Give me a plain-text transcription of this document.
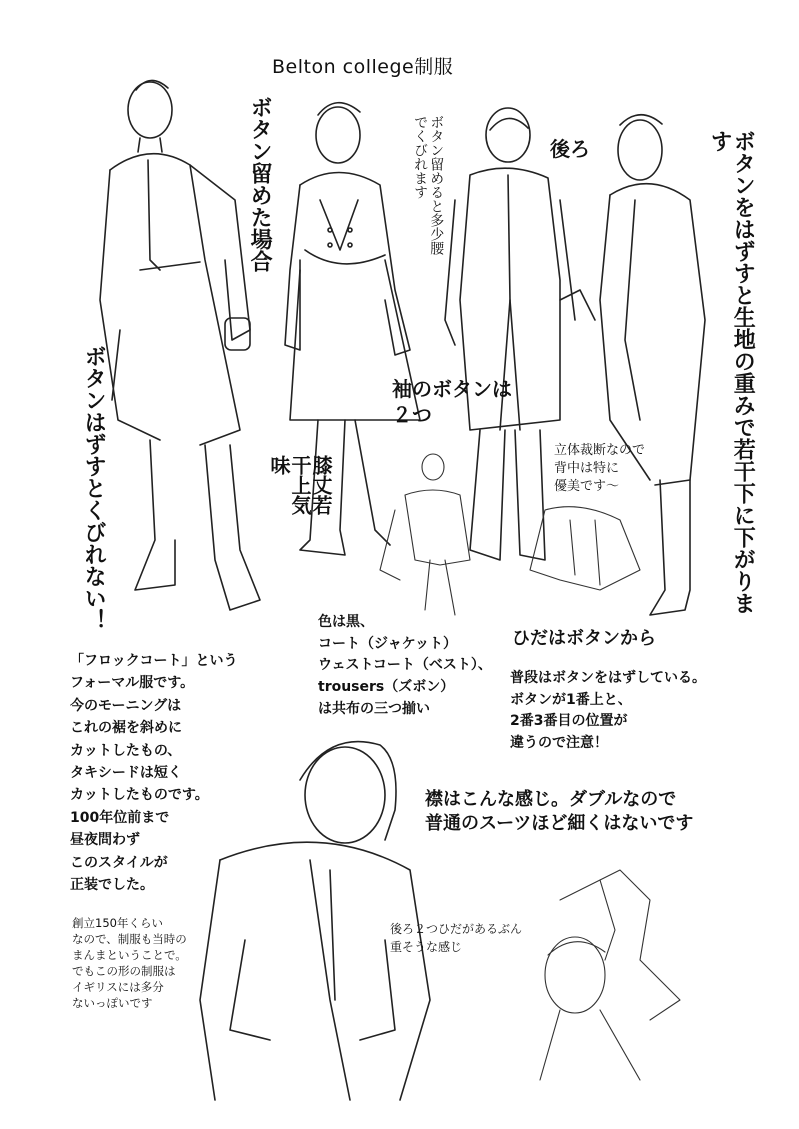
Belton college制服
ボタン留めた場合	ボタン留めると多少腰でくびれます	ボタンをはずすと生地の重みで若干下に下がります
ボタンはずすとくびれない！	膝丈若干上気味
後ろ
袖のボタンは
２つ
立体裁断なので
背中は特に
優美です～
色は黒、
コート（ジャケット）
ウェストコート（ベスト）、
trousers（ズボン）
は共布の三つ揃い
ひだはボタンから
普段はボタンをはずしている。
ボタンが1番上と、
2番3番目の位置が
違うので注意！
「フロックコート」という
フォーマル服です。
今のモーニングは
これの裾を斜めに
カットしたもの、
タキシードは短く
カットしたものです。
100年位前まで
昼夜問わず
このスタイルが
正装でした。
襟はこんな感じ。ダブルなので
普通のスーツほど細くはないです
創立150年くらい
なので、制服も当時の
まんまということで。
でもこの形の制服は
イギリスには多分
ないっぽいです
後ろ２つひだがあるぶん
重そうな感じ
